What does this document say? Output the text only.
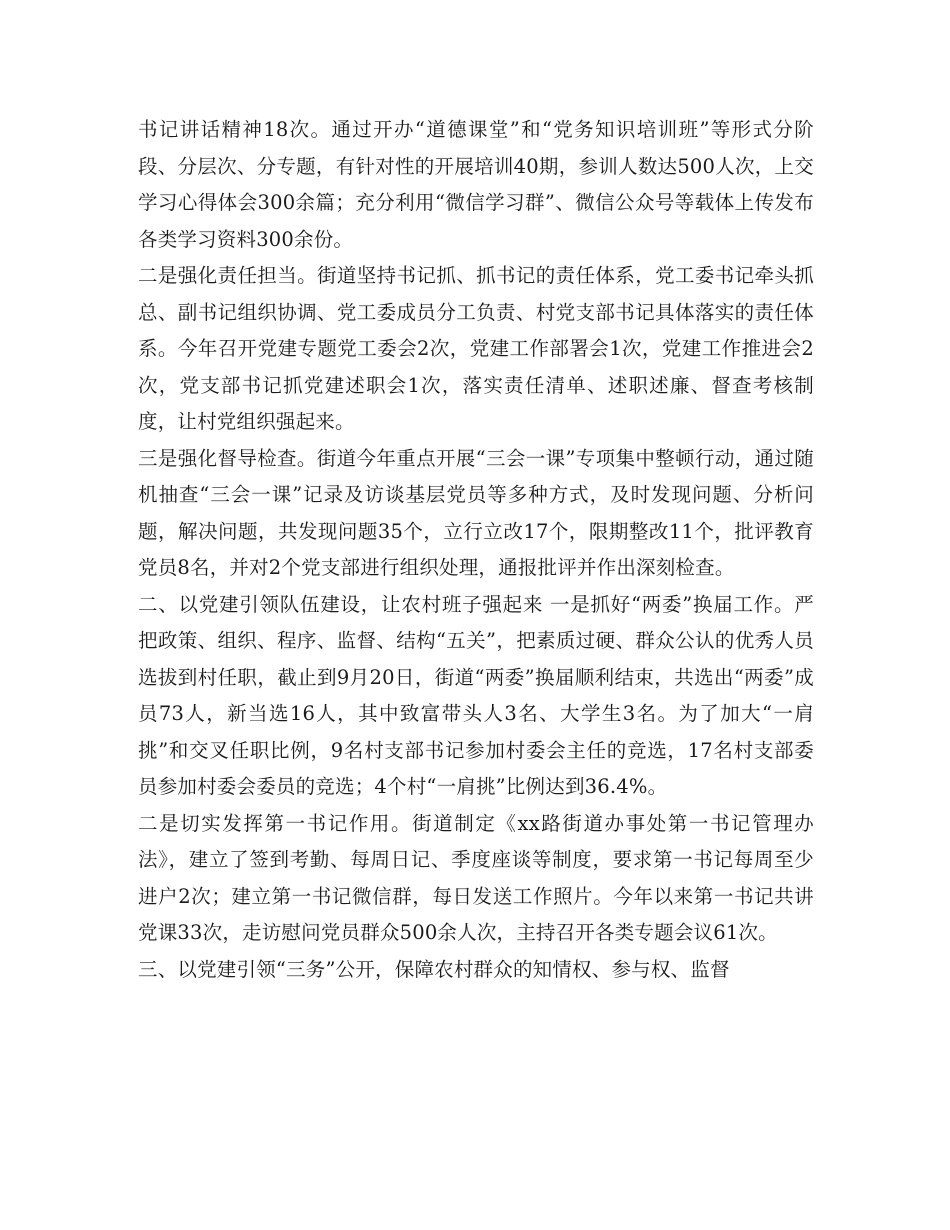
书记讲话精神18次。通过开办“道德课堂”和“党务知识培训班”等形式分阶段、分层次、分专题，有针对性的开展培训40期，参训人数达500人次，上交学习心得体会300余篇；充分利用“微信学习群”、微信公众号等载体上传发布各类学习资料300余份。

二是强化责任担当。街道坚持书记抓、抓书记的责任体系，党工委书记牵头抓总、副书记组织协调、党工委成员分工负责、村党支部书记具体落实的责任体系。今年召开党建专题党工委会2次，党建工作部署会1次，党建工作推进会2次，党支部书记抓党建述职会1次，落实责任清单、述职述廉、督查考核制度，让村党组织强起来。

三是强化督导检查。街道今年重点开展“三会一课”专项集中整顿行动，通过随机抽查“三会一课”记录及访谈基层党员等多种方式，及时发现问题、分析问题，解决问题，共发现问题35个，立行立改17个，限期整改11个，批评教育党员8名，并对2个党支部进行组织处理，通报批评并作出深刻检查。

二、以党建引领队伍建设，让农村班子强起来 一是抓好“两委”换届工作。严把政策、组织、程序、监督、结构“五关”，把素质过硬、群众公认的优秀人员选拔到村任职，截止到9月20日，街道“两委”换届顺利结束，共选出“两委”成员73人，新当选16人，其中致富带头人3名、大学生3名。为了加大“一肩挑”和交叉任职比例，9名村支部书记参加村委会主任的竞选，17名村支部委员参加村委会委员的竞选；4个村“一肩挑”比例达到36.4%。

二是切实发挥第一书记作用。街道制定《xx路街道办事处第一书记管理办法》，建立了签到考勤、每周日记、季度座谈等制度，要求第一书记每周至少进户2次；建立第一书记微信群，每日发送工作照片。今年以来第一书记共讲党课33次，走访慰问党员群众500余人次，主持召开各类专题会议61次。

三、以党建引领“三务”公开，保障农村群众的知情权、参与权、监督
